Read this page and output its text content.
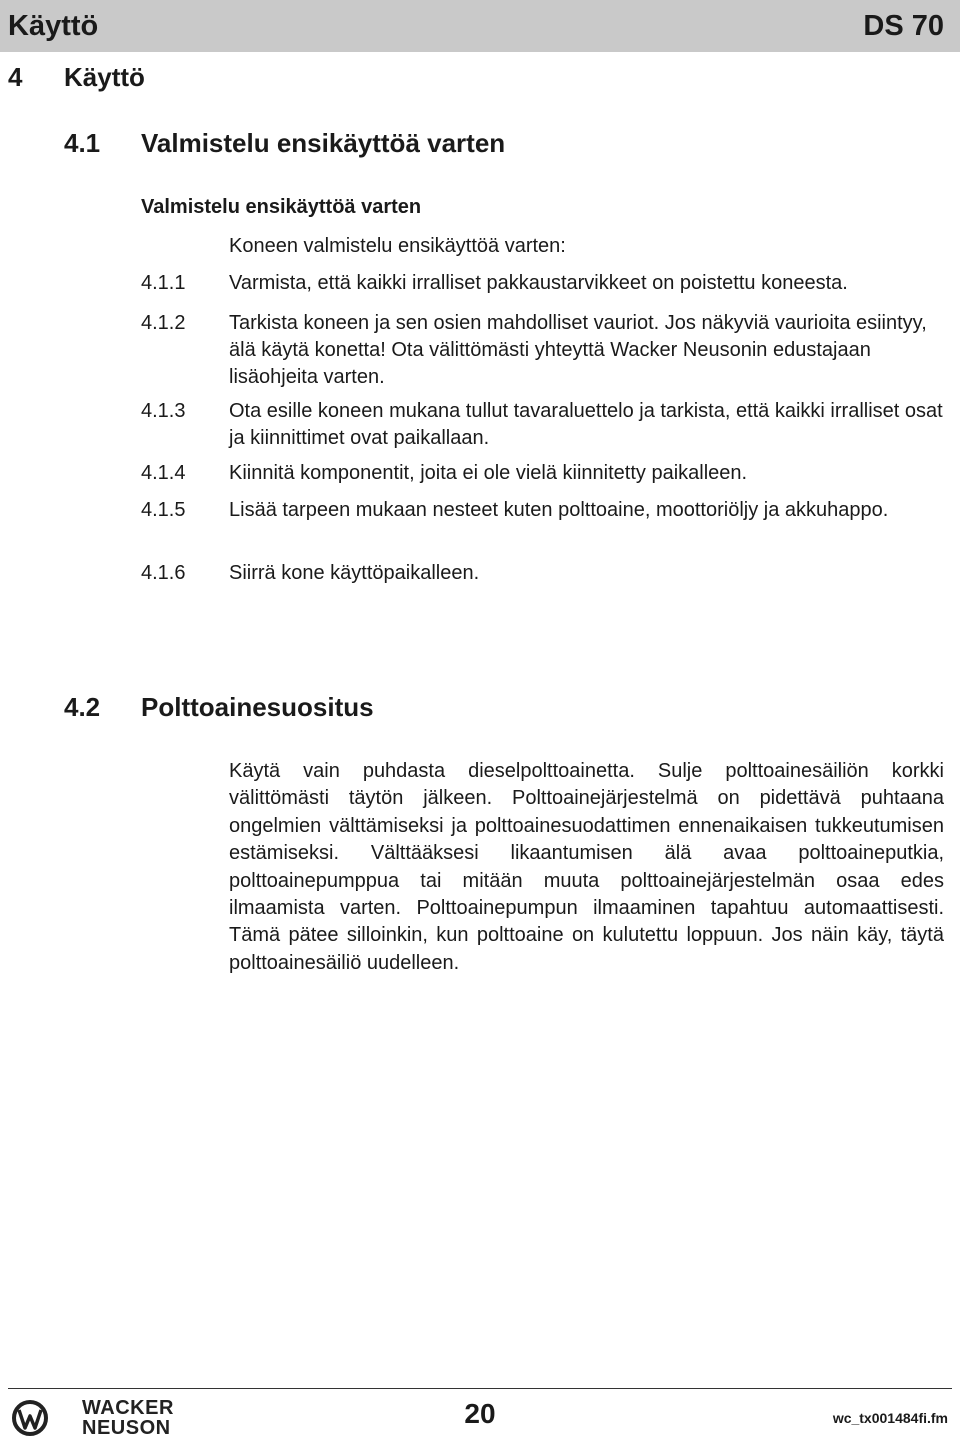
Käyttö	DS 70
4 Käyttö
4.1 Valmistelu ensikäyttöä varten
Valmistelu ensikäyttöä varten
Koneen valmistelu ensikäyttöä varten:
4.1.1 Varmista, että kaikki irralliset pakkaustarvikkeet on poistettu koneesta.
4.1.2 Tarkista koneen ja sen osien mahdolliset vauriot. Jos näkyviä vaurioita esiintyy, älä käytä konetta! Ota välittömästi yhteyttä Wacker Neusonin edustajaan lisäohjeita varten.
4.1.3 Ota esille koneen mukana tullut tavaraluettelo ja tarkista, että kaikki irralliset osat ja kiinnittimet ovat paikallaan.
4.1.4 Kiinnitä komponentit, joita ei ole vielä kiinnitetty paikalleen.
4.1.5 Lisää tarpeen mukaan nesteet kuten polttoaine, moottoriöljy ja akkuhappo.
4.1.6 Siirrä kone käyttöpaikalleen.
4.2 Polttoainesuositus
Käytä vain puhdasta dieselpolttoainetta. Sulje polttoainesäiliön korkki välittömästi täytön jälkeen. Polttoainejärjestelmä on pidettävä puhtaana ongelmien välttämiseksi ja polttoainesuodattimen ennenaikaisen tukkeutumisen estämiseksi. Välttääksesi likaantumisen älä avaa polttoaineputkia, polttoainepumppua tai mitään muuta polttoainejärjestelmän osaa edes ilmaamista varten. Polttoainepumpun ilmaaminen tapahtuu automaattisesti. Tämä pätee silloinkin, kun polttoaine on kulutettu loppuun. Jos näin käy, täytä polttoainesäiliö uudelleen.
WACKER
NEUSON	20	wc_tx001484fi.fm
